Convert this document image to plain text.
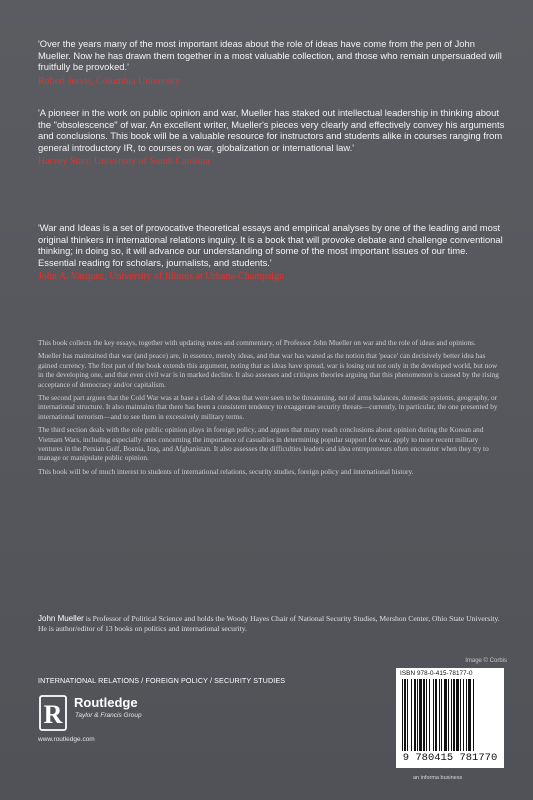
'Over the years many of the most important ideas about the role of ideas have come from the pen of John Mueller. Now he has drawn them together in a most valuable collection, and those who remain unpersuaded will fruitfully be provoked.'

Robert Jervis, Columbia University

'A pioneer in the work on public opinion and war, Mueller has staked out intellectual leadership in thinking about the "obsolescence" of war. An excellent writer, Mueller's pieces very clearly and effectively convey his arguments and conclusions. This book will be a valuable resource for instructors and students alike in courses ranging from general introductory IR, to courses on war, globalization or international law.'

Harvey Starr, University of South Carolina

'War and Ideas is a set of provocative theoretical essays and empirical analyses by one of the leading and most original thinkers in international relations inquiry. It is a book that will provoke debate and challenge conventional thinking; in doing so, it will advance our understanding of some of the most important issues of our time. Essential reading for scholars, journalists, and students.'

John A. Vasquez, University of Illinois at Urbana-Champaign

This book collects the key essays, together with updating notes and commentary, of Professor John Mueller on war and the role of ideas and opinions.

Mueller has maintained that war (and peace) are, in essence, merely ideas, and that war has waned as the notion that 'peace' can decisively better idea has gained currency. The first part of the book extends this argument, noting that as ideas have spread, war is losing out not only in the developed world, but now in the developing one, and that even civil war is in marked decline. It also assesses and critiques theories arguing that this phenomenon is caused by the rising acceptance of democracy and/or capitalism.

The second part argues that the Cold War was at base a clash of ideas that were seen to be threatening, not of arms balances, domestic systems, geography, or international structure. It also maintains that there has been a consistent tendency to exaggerate security threats—currently, in particular, the one presented by international terrorism—and to see them in excessively military terms.

The third section deals with the role public opinion plays in foreign policy, and argues that many reach conclusions about opinion during the Korean and Vietnam Wars, including especially ones concerning the importance of casualties in determining popular support for war, apply to more recent military ventures in the Persian Gulf, Bosnia, Iraq, and Afghanistan. It also assesses the difficulties leaders and idea entrepreneurs often encounter when they try to manage or manipulate public opinion.

This book will be of much interest to students of international relations, security studies, foreign policy and international history.

John Mueller is Professor of Political Science and holds the Woody Hayes Chair of National Security Studies, Mershon Center, Ohio State University. He is author/editor of 13 books on politics and international security.
Image © Corbis
INTERNATIONAL RELATIONS / FOREIGN POLICY / SECURITY STUDIES
R Routledge
Taylor & Francis Group
www.routledge.com
ISBN 978-0-415-78177-0
9 780415 781770
an informa business
